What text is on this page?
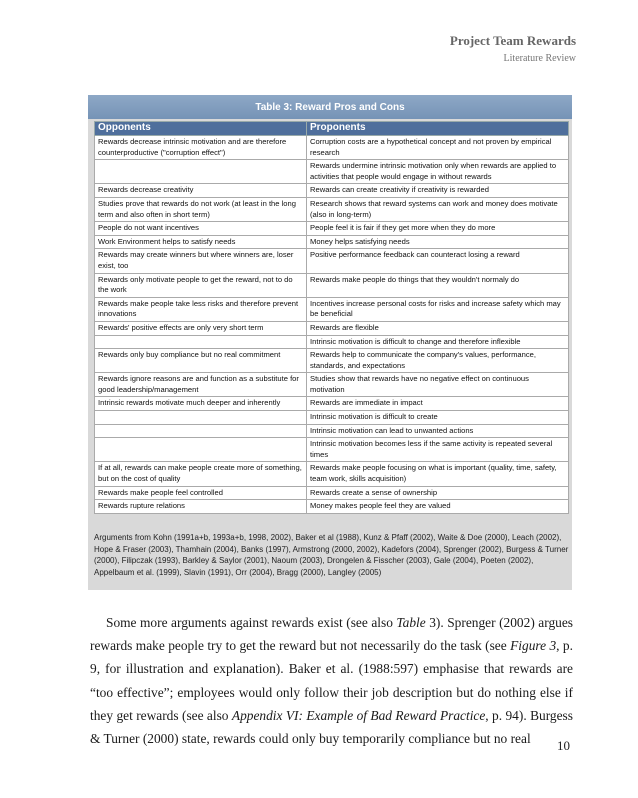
Project Team Rewards
Literature Review
Table 3: Reward Pros and Cons
Opponents	Proponents
Rewards decrease intrinsic motivation and are therefore counterproductive ("corruption effect")	Corruption costs are a hypothetical concept and not proven by empirical research
	Rewards undermine intrinsic motivation only when rewards are applied to activities that people would engage in without rewards
Rewards decrease creativity	Rewards can create creativity if creativity is rewarded
Studies prove that rewards do not work (at least in the long term and also often in short term)	Research shows that reward systems can work and money does motivate (also in long-term)
People do not want incentives	People feel it is fair if they get more when they do more
Work Environment helps to satisfy needs	Money helps satisfying needs
Rewards may create winners but where winners are, loser exist, too	Positive performance feedback can counteract losing a reward
Rewards only motivate people to get the reward, not to do the work	Rewards make people do things that they wouldn't normaly do
Rewards make people take less risks and therefore prevent innovations	Incentives increase personal costs for risks and increase safety which may be beneficial
Rewards' positive effects are only very short term	Rewards are flexible
	Intrinsic motivation is difficult to change and therefore inflexible
Rewards only buy compliance but no real commitment	Rewards help to communicate the company's values, performance, standards, and expectations
Rewards ignore reasons are and function as a substitute for good leadership/management	Studies show that rewards have no negative effect on continuous motivation
Intrinsic rewards motivate much deeper and inherently	Rewards are immediate in impact
	Intrinsic motivation is difficult to create
	Intrinsic motivation can lead to unwanted actions
	Intrinsic motivation becomes less if the same activity is repeated several times
If at all, rewards can make people create more of something, but on the cost of quality	Rewards make people focusing on what is important (quality, time, safety, team work, skills acquisition)
Rewards make people feel controlled	Rewards create a sense of ownership
Rewards rupture relations	Money makes people feel they are valued
Arguments from Kohn (1991a+b, 1993a+b, 1998, 2002), Baker et al (1988), Kunz & Pfaff (2002), Waite & Doe (2000), Leach (2002), Hope & Fraser (2003), Thamhain (2004), Banks (1997), Armstrong (2000, 2002), Kadefors (2004), Sprenger (2002), Burgess & Turner (2000), Filipczak (1993), Barkley & Saylor (2001), Naoum (2003), Drongelen & Fisscher (2003), Gale (2004), Poeten (2002), Appelbaum et al. (1999), Slavin (1991), Orr (2004), Bragg (2000), Langley (2005)

Some more arguments against rewards exist (see also Table 3). Sprenger (2002) argues rewards make people try to get the reward but not necessarily do the task (see Figure 3, p. 9, for illustration and explanation). Baker et al. (1988:597) emphasise that rewards are “too effective”; employees would only follow their job description but do nothing else if they get rewards (see also Appendix VI: Example of Bad Reward Practice, p. 94). Burgess & Turner (2000) state, rewards could only buy temporarily compliance but no real	10
